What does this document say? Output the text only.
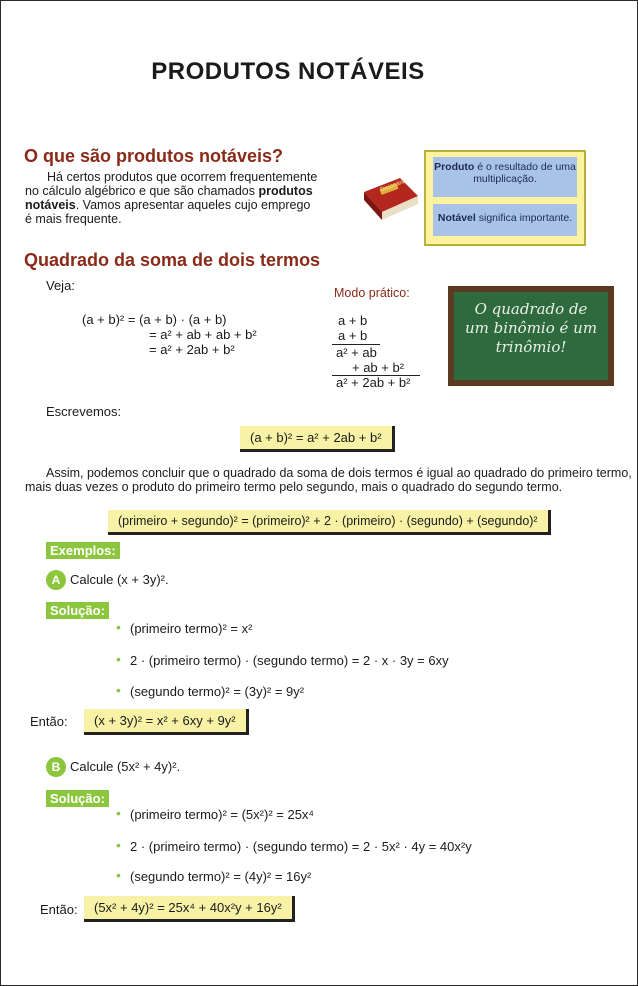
PRODUTOS NOTÁVEIS
O que são produtos notáveis?
Há certos produtos que ocorrem frequentemente
no cálculo algébrico e que são chamados produtos
notáveis. Vamos apresentar aqueles cujo emprego
é mais frequente.
Dicionário
Produto é o resultado de uma multiplicação.
Notável significa importante.
Quadrado da soma de dois termos
Veja:
(a + b)² = (a + b) · (a + b)
= a² + ab + ab + b²
= a² + 2ab + b²
Modo prático:
a + b
a + b
a² + ab
+ ab + b²
a² + 2ab + b²
O quadrado de
um binômio é um
trinômio!
Escrevemos:
(a + b)² = a² + 2ab + b²
Assim, podemos concluir que o quadrado da soma de dois termos é igual ao quadrado do primeiro termo,
mais duas vezes o produto do primeiro termo pelo segundo, mais o quadrado do segundo termo.
(primeiro + segundo)² = (primeiro)² + 2 · (primeiro) · (segundo) + (segundo)²
Exemplos:
A Calcule (x + 3y)².
Solução:
• (primeiro termo)² = x²
• 2 · (primeiro termo) · (segundo termo) = 2 · x · 3y = 6xy
• (segundo termo)² = (3y)² = 9y²
Então:	(x + 3y)² = x² + 6xy + 9y²
B Calcule (5x² + 4y)².
Solução:
• (primeiro termo)² = (5x²)² = 25x⁴
• 2 · (primeiro termo) · (segundo termo) = 2 · 5x² · 4y = 40x²y
• (segundo termo)² = (4y)² = 16y²
Então:	(5x² + 4y)² = 25x⁴ + 40x²y + 16y²
